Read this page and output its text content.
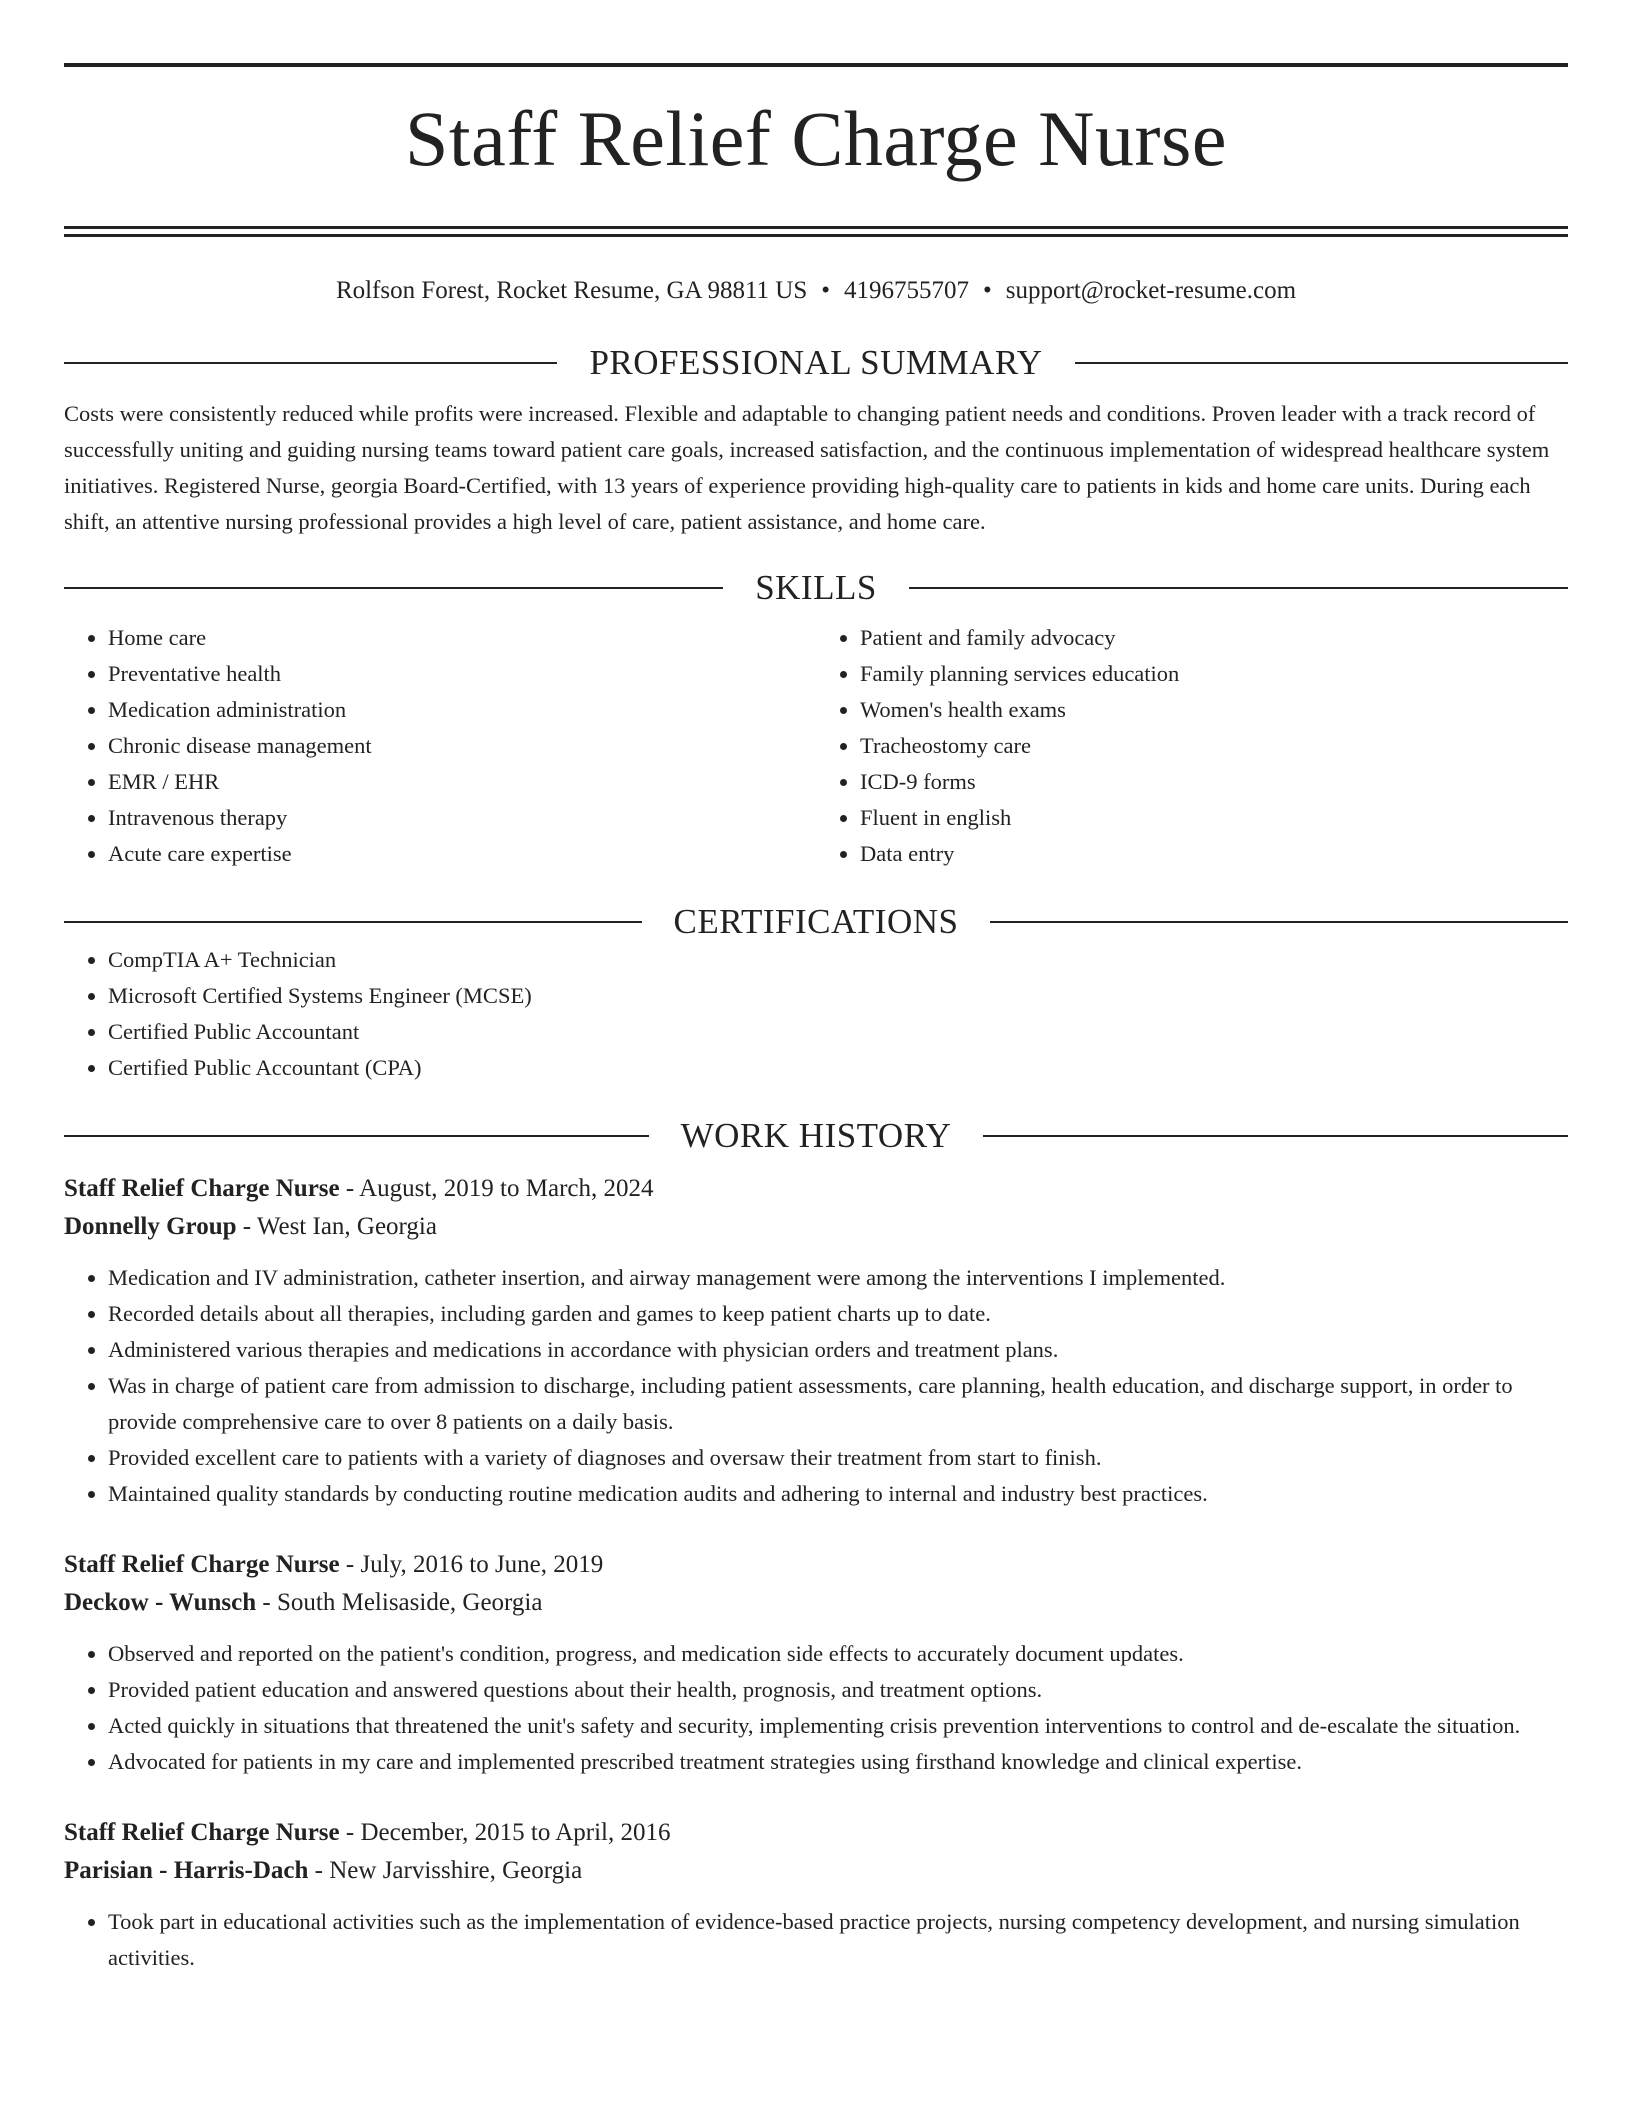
Staff Relief Charge Nurse
Rolfson Forest, Rocket Resume, GA 98811 US • 4196755707 • support@rocket-resume.com
PROFESSIONAL SUMMARY
Costs were consistently reduced while profits were increased. Flexible and adaptable to changing patient needs and conditions. Proven leader with a track record of successfully uniting and guiding nursing teams toward patient care goals, increased satisfaction, and the continuous implementation of widespread healthcare system initiatives. Registered Nurse, georgia Board-Certified, with 13 years of experience providing high-quality care to patients in kids and home care units. During each shift, an attentive nursing professional provides a high level of care, patient assistance, and home care.
SKILLS
• Home care
• Preventative health
• Medication administration
• Chronic disease management
• EMR / EHR
• Intravenous therapy
• Acute care expertise
• Patient and family advocacy
• Family planning services education
• Women's health exams
• Tracheostomy care
• ICD-9 forms
• Fluent in english
• Data entry
CERTIFICATIONS
• CompTIA A+ Technician
• Microsoft Certified Systems Engineer (MCSE)
• Certified Public Accountant
• Certified Public Accountant (CPA)
WORK HISTORY
Staff Relief Charge Nurse - August, 2019 to March, 2024
Donnelly Group - West Ian, Georgia
• Medication and IV administration, catheter insertion, and airway management were among the interventions I implemented.
• Recorded details about all therapies, including garden and games to keep patient charts up to date.
• Administered various therapies and medications in accordance with physician orders and treatment plans.
• Was in charge of patient care from admission to discharge, including patient assessments, care planning, health education, and discharge support, in order to provide comprehensive care to over 8 patients on a daily basis.
• Provided excellent care to patients with a variety of diagnoses and oversaw their treatment from start to finish.
• Maintained quality standards by conducting routine medication audits and adhering to internal and industry best practices.
Staff Relief Charge Nurse - July, 2016 to June, 2019
Deckow - Wunsch - South Melisaside, Georgia
• Observed and reported on the patient's condition, progress, and medication side effects to accurately document updates.
• Provided patient education and answered questions about their health, prognosis, and treatment options.
• Acted quickly in situations that threatened the unit's safety and security, implementing crisis prevention interventions to control and de-escalate the situation.
• Advocated for patients in my care and implemented prescribed treatment strategies using firsthand knowledge and clinical expertise.
Staff Relief Charge Nurse - December, 2015 to April, 2016
Parisian - Harris-Dach - New Jarvisshire, Georgia
• Took part in educational activities such as the implementation of evidence-based practice projects, nursing competency development, and nursing simulation activities.
